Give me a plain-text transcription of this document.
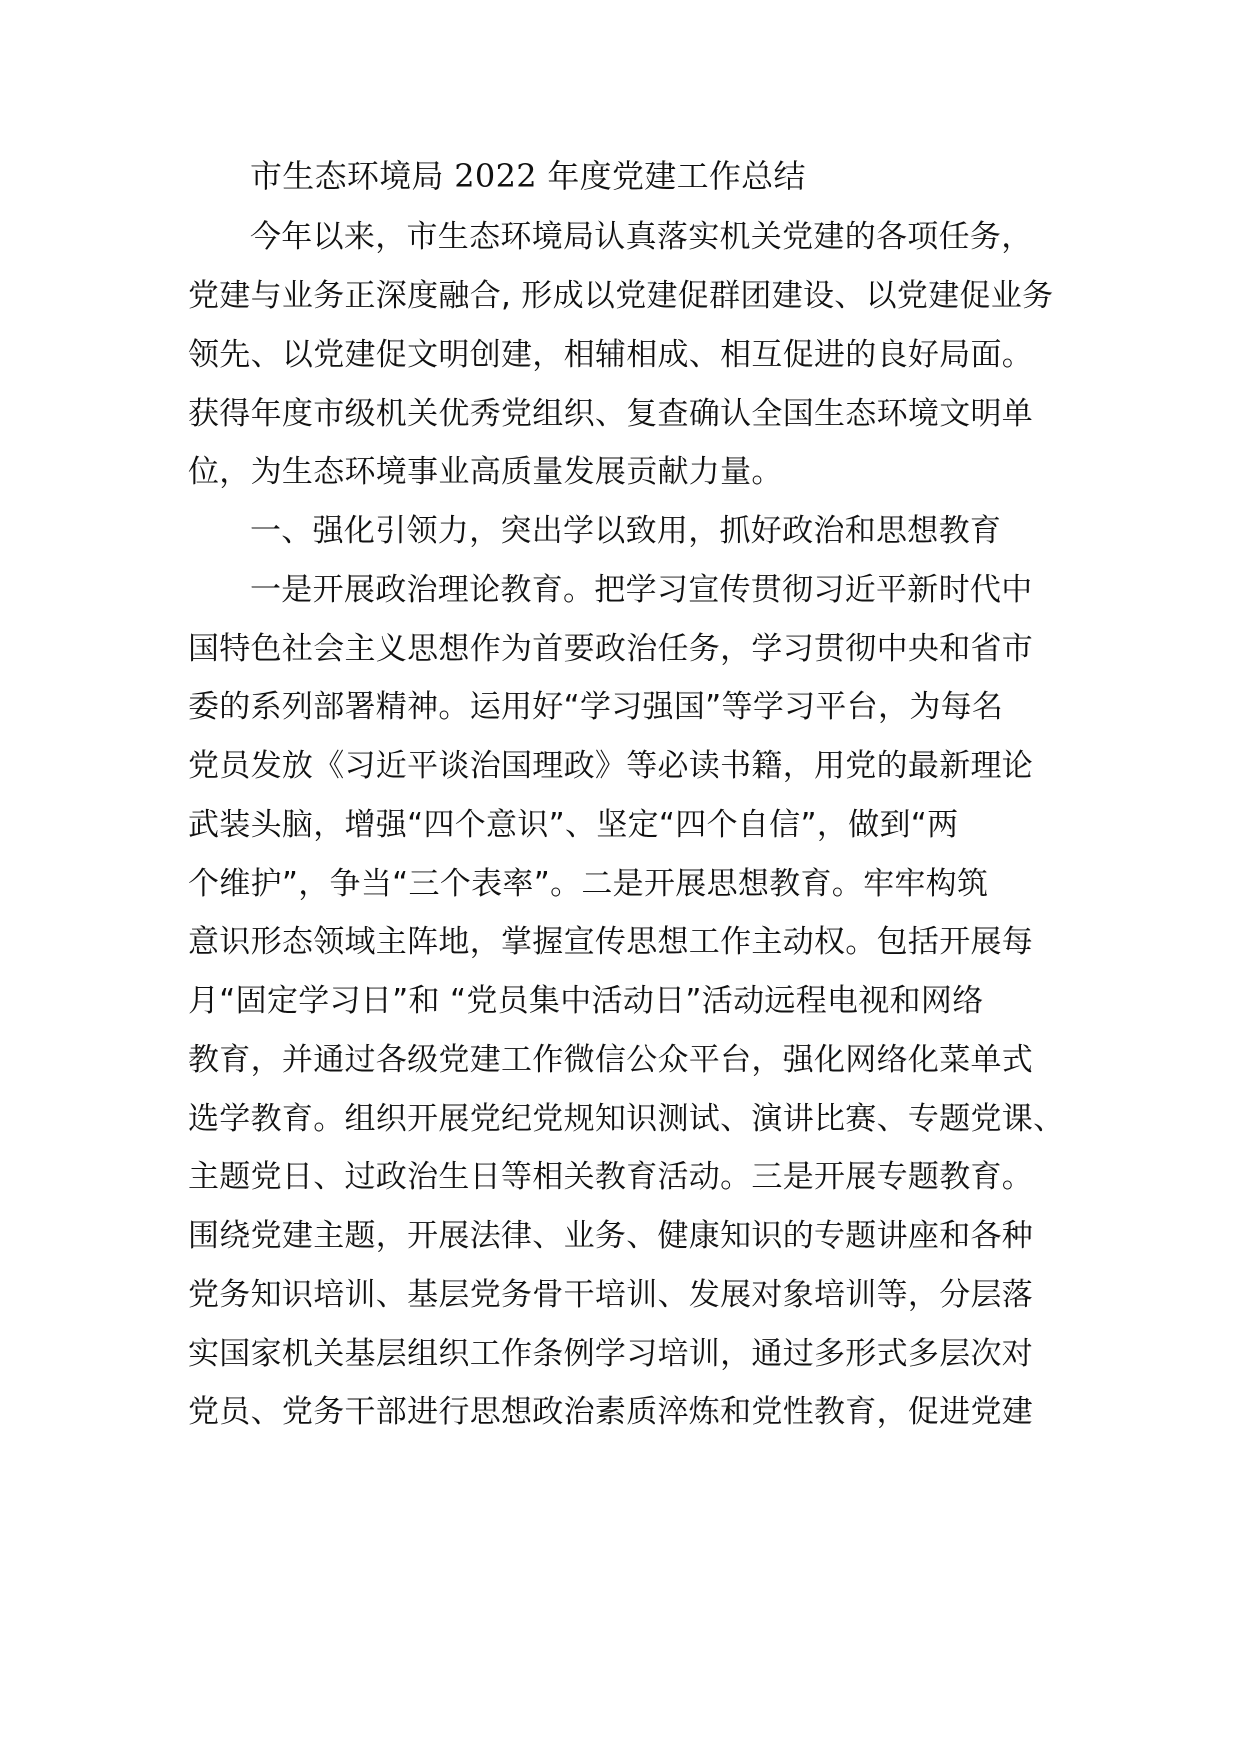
市生态环境局 2022 年度党建工作总结
今年以来，市生态环境局认真落实机关党建的各项任务，
党建与业务正深度融合, 形成以党建促群团建设、以党建促业务
领先、以党建促文明创建，相辅相成、相互促进的良好局面。
获得年度市级机关优秀党组织、复查确认全国生态环境文明单
位，为生态环境事业高质量发展贡献力量。
一、强化引领力，突出学以致用，抓好政治和思想教育
一是开展政治理论教育。把学习宣传贯彻习近平新时代中
国特色社会主义思想作为首要政治任务，学习贯彻中央和省市
委的系列部署精神。运用好“学习强国”等学习平台，为每名
党员发放《习近平谈治国理政》等必读书籍，用党的最新理论
武装头脑，增强“四个意识”、坚定“四个自信”，做到“两
个维护”，争当“三个表率”。二是开展思想教育。牢牢构筑
意识形态领域主阵地，掌握宣传思想工作主动权。包括开展每
月“固定学习日”和 “党员集中活动日”活动远程电视和网络
教育，并通过各级党建工作微信公众平台，强化网络化菜单式
选学教育。组织开展党纪党规知识测试、演讲比赛、专题党课、
主题党日、过政治生日等相关教育活动。三是开展专题教育。
围绕党建主题，开展法律、业务、健康知识的专题讲座和各种
党务知识培训、基层党务骨干培训、发展对象培训等，分层落
实国家机关基层组织工作条例学习培训，通过多形式多层次对
党员、党务干部进行思想政治素质淬炼和党性教育，促进党建
